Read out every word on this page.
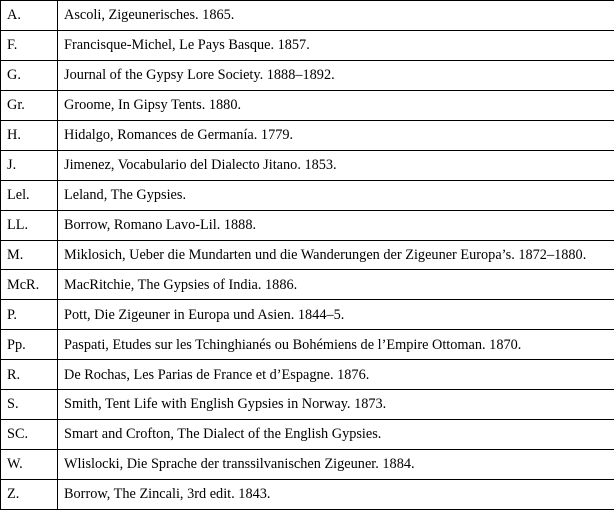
A.	Ascoli, Zigeunerisches. 1865.
F.	Francisque-Michel, Le Pays Basque. 1857.
G.	Journal of the Gypsy Lore Society. 1888–1892.
Gr.	Groome, In Gipsy Tents. 1880.
H.	Hidalgo, Romances de Germanía. 1779.
J.	Jimenez, Vocabulario del Dialecto Jitano. 1853.
Lel.	Leland, The Gypsies.
LL.	Borrow, Romano Lavo-Lil. 1888.
M.	Miklosich, Ueber die Mundarten und die Wanderungen der Zigeuner Europa’s. 1872–1880.
McR.	MacRitchie, The Gypsies of India. 1886.
P.	Pott, Die Zigeuner in Europa und Asien. 1844–5.
Pp.	Paspati, Etudes sur les Tchinghianés ou Bohémiens de l’Empire Ottoman. 1870.
R.	De Rochas, Les Parias de France et d’Espagne. 1876.
S.	Smith, Tent Life with English Gypsies in Norway. 1873.
SC.	Smart and Crofton, The Dialect of the English Gypsies.
W.	Wlislocki, Die Sprache der transsilvanischen Zigeuner. 1884.
Z.	Borrow, The Zincali, 3rd edit. 1843.
